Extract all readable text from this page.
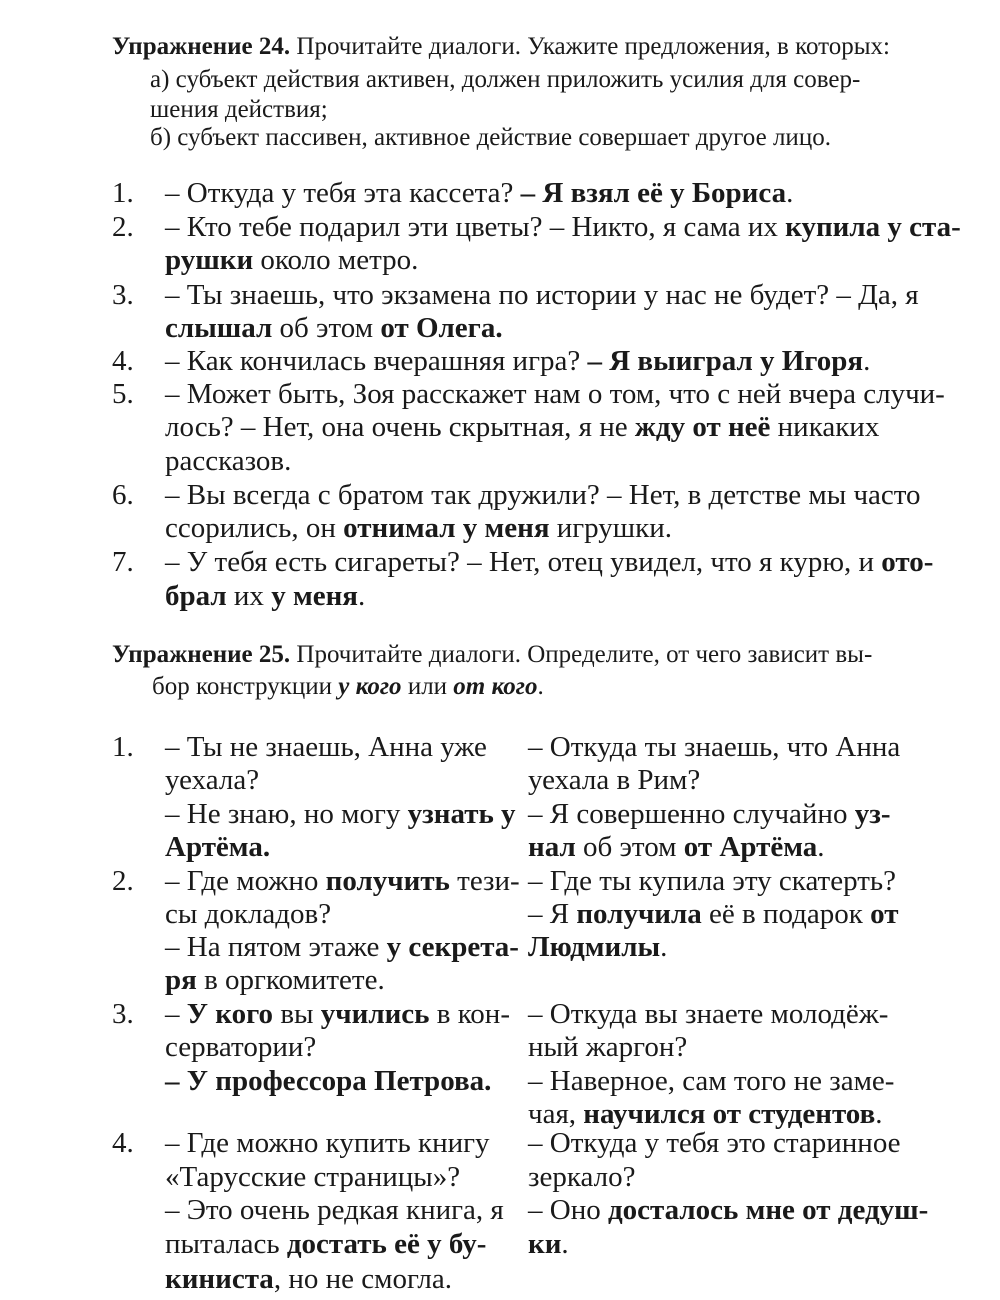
Упражнение 24. Прочитайте диалоги. Укажите предложения, в которых:
а) субъект действия активен, должен приложить усилия для совер-
шения действия;
б) субъект пассивен, активное действие совершает другое лицо.
1. – Откуда у тебя эта кассета? – Я взял её у Бориса.
2. – Кто тебе подарил эти цветы? – Никто, я сама их купила у ста-
рушки около метро.
3. – Ты знаешь, что экзамена по истории у нас не будет? – Да, я
слышал об этом от Олега.
4. – Как кончилась вчерашняя игра? – Я выиграл у Игоря.
5. – Может быть, Зоя расскажет нам о том, что с ней вчера случи-
лось? – Нет, она очень скрытная, я не жду от неё никаких
рассказов.
6. – Вы всегда с братом так дружили? – Нет, в детстве мы часто
ссорились, он отнимал у меня игрушки.
7. – У тебя есть сигареты? – Нет, отец увидел, что я курю, и ото-
брал их у меня.
Упражнение 25. Прочитайте диалоги. Определите, от чего зависит вы-
бор конструкции у кого или от кого.
1. – Ты не знаешь, Анна уже
уехала?
– Не знаю, но могу узнать у
Артёма.
– Откуда ты знаешь, что Анна
уехала в Рим?
– Я совершенно случайно уз-
нал об этом от Артёма.
2. – Где можно получить тези-
сы докладов?
– На пятом этаже у секрета-
ря в оргкомитете.
– Где ты купила эту скатерть?
– Я получила её в подарок от
Людмилы.
3. – У кого вы учились в кон-
серватории?
– У профессора Петрова.
– Откуда вы знаете молодёж-
ный жаргон?
– Наверное, сам того не заме-
чая, научился от студентов.
4. – Где можно купить книгу
«Тарусские страницы»?
– Это очень редкая книга, я
пыталась достать её у бу-
киниста, но не смогла.
– Откуда у тебя это старинное
зеркало?
– Оно досталось мне от дедуш-
ки.
